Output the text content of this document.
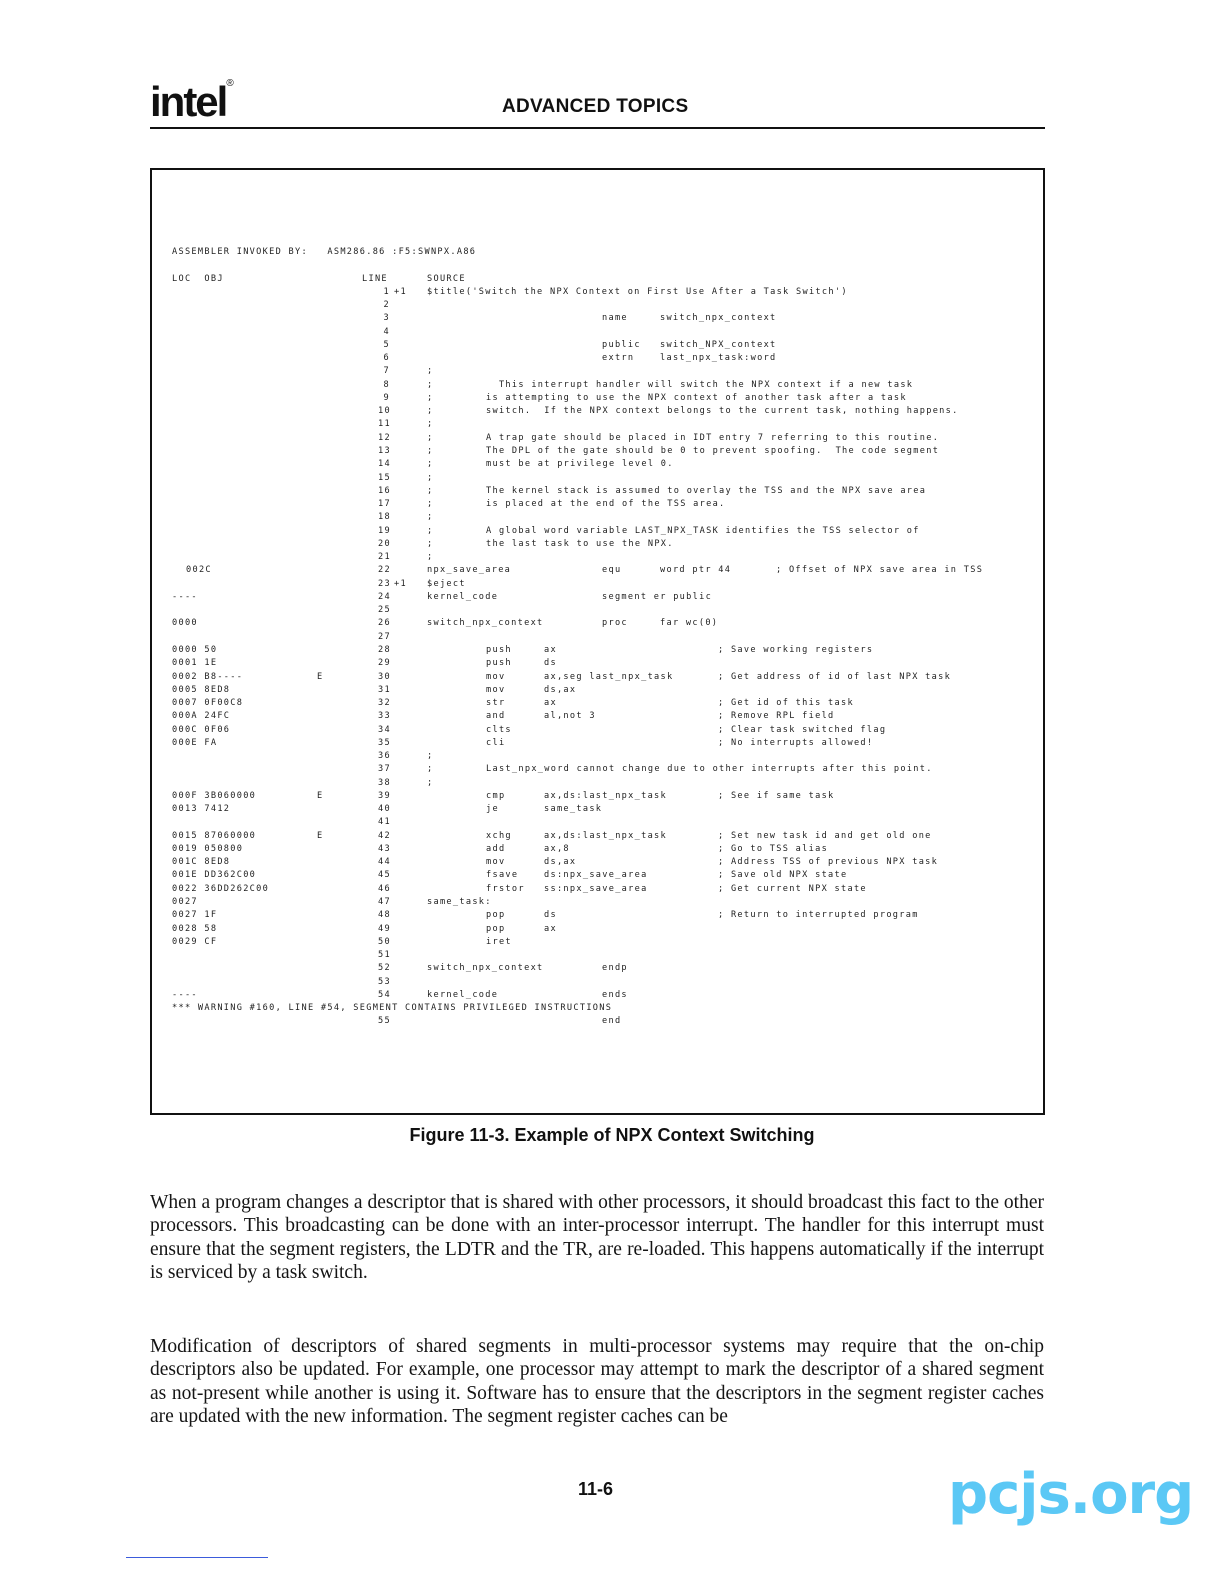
intel®
ADVANCED TOPICS
ASSEMBLER INVOKED BY:   ASM286.86 :F5:SWNPX.A86

LOC  OBJ

	LINE

	SOURCE

1 +1 $title('Switch the NPX Context on First Use After a Task Switch')
2
3	name	switch_npx_context
4
5	public switch_NPX_context
6	extrn	last_npx_task:word
7	;
8	;	This interrupt handler will switch the NPX context if a new task
9	;	is attempting to use the NPX context of another task after a task
10	;	switch.  If the NPX context belongs to the current task, nothing happens.
11	;
12	;	A trap gate should be placed in IDT entry 7 referring to this routine.
13	;	The DPL of the gate should be 0 to prevent spoofing.  The code segment
14	;	must be at privilege level 0.
15	;
16	;	The kernel stack is assumed to overlay the TSS and the NPX save area
17	;	is placed at the end of the TSS area.
18	;
19	;	A global word variable LAST_NPX_TASK identifies the TSS selector of
20	;	the last task to use the NPX.
21	;
002C	22	npx_save_area	equ	word ptr 44	; Offset of NPX save area in TSS
23 +1 $eject
----	24	kernel_code	segment er public
25
0000	26	switch_npx_context	proc	far wc(0)
27
0000 50	28	push	ax	; Save working registers
0001 1E	29	push	ds
0002 B8----	E	30	mov	ax,seg last_npx_task	; Get address of id of last NPX task
0005 8ED8	31	mov	ds,ax
0007 0F00C8	32	str	ax	; Get id of this task
000A 24FC	33	and	al,not 3	; Remove RPL field
000C 0F06	34	clts	; Clear task switched flag
000E FA	35	cli	; No interrupts allowed!
36	;
37	;	Last_npx_word cannot change due to other interrupts after this point.
38	;
000F 3B060000	E	39	cmp	ax,ds:last_npx_task	; See if same task
0013 7412	40	je	same_task
41
0015 87060000	E	42	xchg	ax,ds:last_npx_task	; Set new task id and get old one
0019 050800	43	add	ax,8	; Go to TSS alias
001C 8ED8	44	mov	ds,ax	; Address TSS of previous NPX task
001E DD362C00	45	fsave	ds:npx_save_area	; Save old NPX state
0022 36DD262C00	46	frstor ss:npx_save_area	; Get current NPX state
0027	47	same_task:
0027 1F	48	pop	ds	; Return to interrupted program
0028 58	49	pop	ax
0029 CF	50	iret
51
52	switch_npx_context	endp
53
----	54	kernel_code	ends
*** WARNING #160, LINE #54, SEGMENT CONTAINS PRIVILEGED INSTRUCTIONS
55	end
Figure 11-3. Example of NPX Context Switching

When a program changes a descriptor that is shared with other processors, it should broadcast this fact to the other processors. This broadcasting can be done with an inter-processor interrupt. The handler for this interrupt must ensure that the segment registers, the LDTR and the TR, are re-loaded. This happens automatically if the interrupt is serviced by a task switch.

Modification of descriptors of shared segments in multi-processor systems may require that the on-chip descriptors also be updated. For example, one processor may attempt to mark the descriptor of a shared segment as not-present while another is using it. Software has to ensure that the descriptors in the segment register caches are updated with the new information. The segment register caches can be

11-6	pcjs.org
